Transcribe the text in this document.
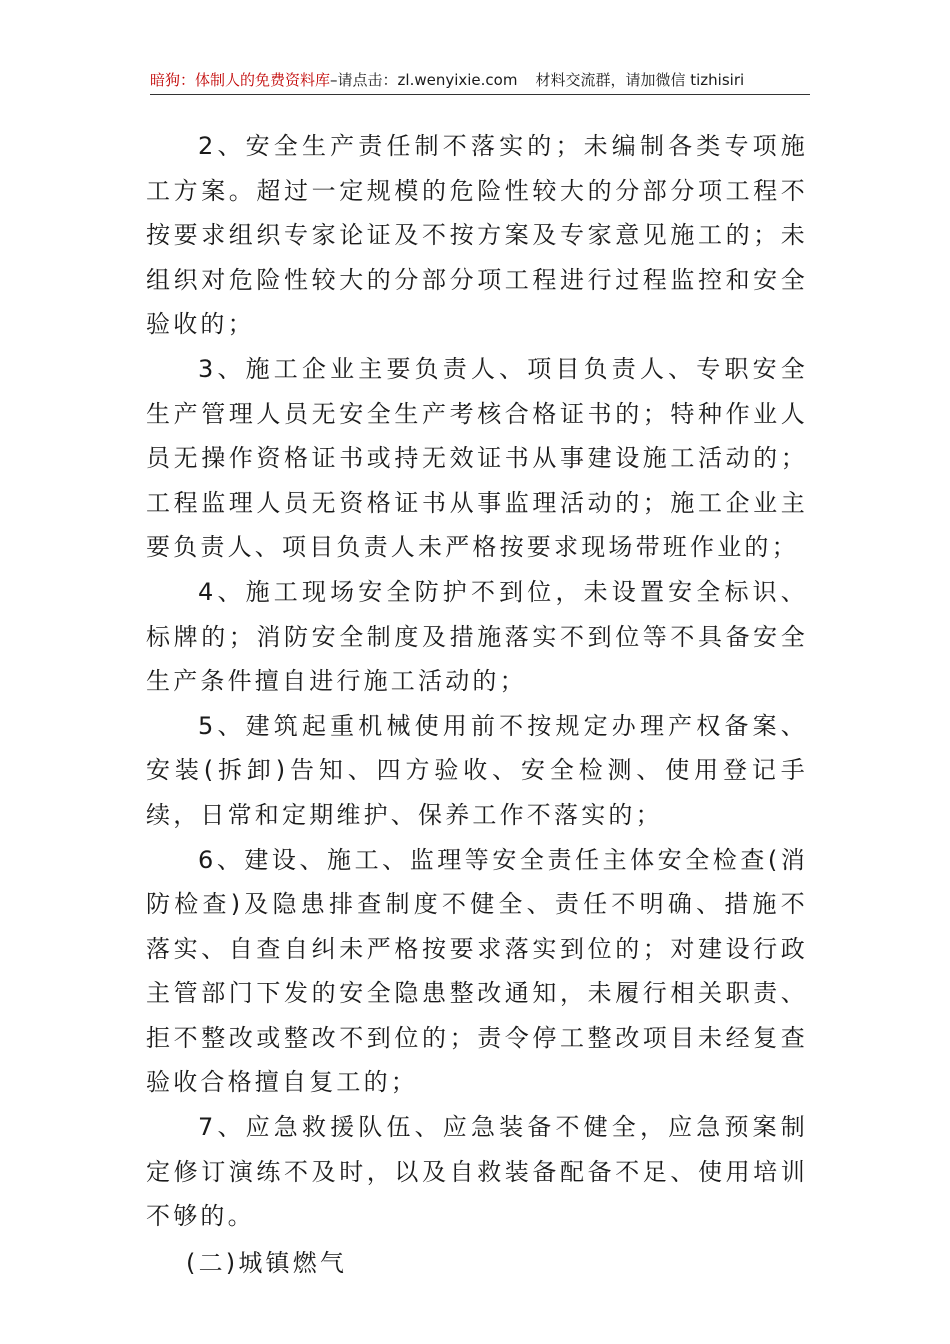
暗狗：体制人的免费资料库–请点击：zl.wenyixie.com 材料交流群，请加微信 tizhisiri

2、安全生产责任制不落实的；未编制各类专项施工方案。超过一定规模的危险性较大的分部分项工程不按要求组织专家论证及不按方案及专家意见施工的；未组织对危险性较大的分部分项工程进行过程监控和安全验收的；

3、施工企业主要负责人、项目负责人、专职安全生产管理人员无安全生产考核合格证书的；特种作业人员无操作资格证书或持无效证书从事建设施工活动的；工程监理人员无资格证书从事监理活动的；施工企业主要负责人、项目负责人未严格按要求现场带班作业的；

4、施工现场安全防护不到位，未设置安全标识、标牌的；消防安全制度及措施落实不到位等不具备安全生产条件擅自进行施工活动的；

5、建筑起重机械使用前不按规定办理产权备案、安装(拆卸)告知、四方验收、安全检测、使用登记手续，日常和定期维护、保养工作不落实的；

6、建设、施工、监理等安全责任主体安全检查(消防检查)及隐患排查制度不健全、责任不明确、措施不落实、自查自纠未严格按要求落实到位的；对建设行政主管部门下发的安全隐患整改通知，未履行相关职责、拒不整改或整改不到位的；责令停工整改项目未经复查验收合格擅自复工的；

7、应急救援队伍、应急装备不健全，应急预案制定修订演练不及时，以及自救装备配备不足、使用培训不够的。

(二)城镇燃气
